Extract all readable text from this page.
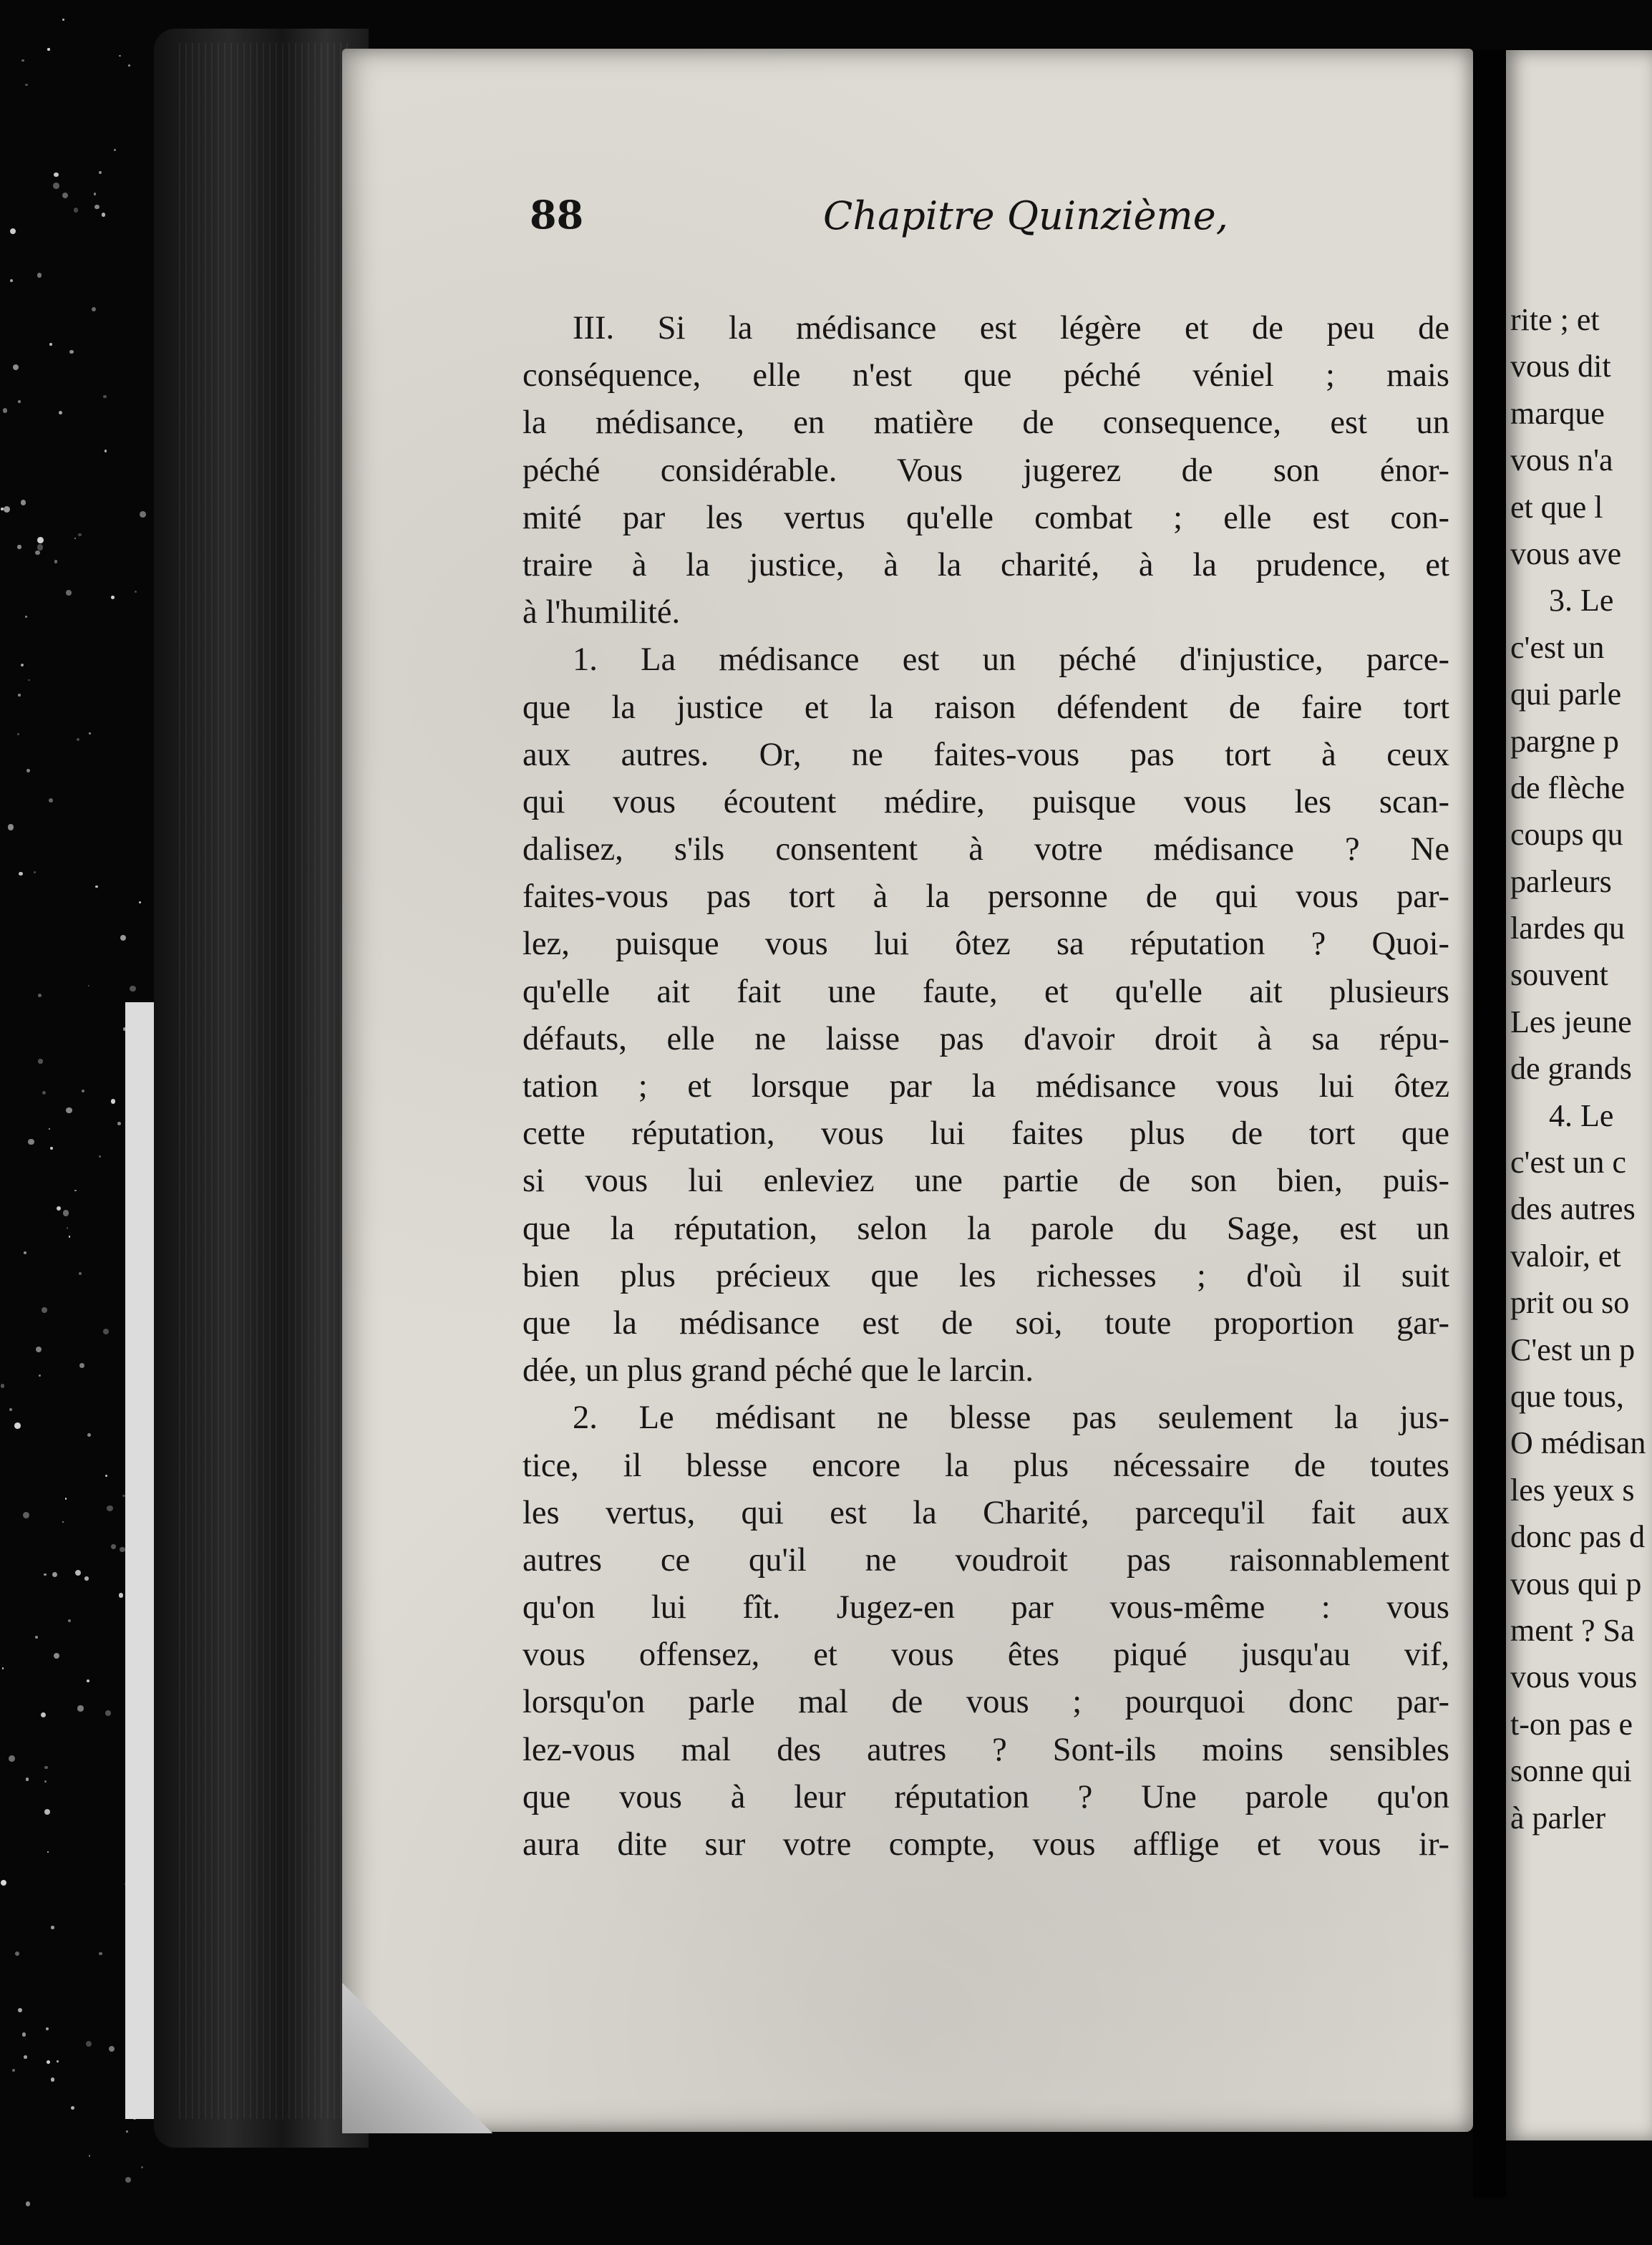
88	Chapitre Quinzième,
III. Si la médisance est légère et de peu de
conséquence, elle n'est que péché véniel ; mais
la médisance, en matière de consequence, est un
péché considérable. Vous jugerez de son énor-
mité par les vertus qu'elle combat ; elle est con-
traire à la justice, à la charité, à la prudence, et
à l'humilité.
1. La médisance est un péché d'injustice, parce-
que la justice et la raison défendent de faire tort
aux autres. Or, ne faites-vous pas tort à ceux
qui vous écoutent médire, puisque vous les scan-
dalisez, s'ils consentent à votre médisance ? Ne
faites-vous pas tort à la personne de qui vous par-
lez, puisque vous lui ôtez sa réputation ? Quoi-
qu'elle ait fait une faute, et qu'elle ait plusieurs
défauts, elle ne laisse pas d'avoir droit à sa répu-
tation ; et lorsque par la médisance vous lui ôtez
cette réputation, vous lui faites plus de tort que
si vous lui enleviez une partie de son bien, puis-
que la réputation, selon la parole du Sage, est un
bien plus précieux que les richesses ; d'où il suit
que la médisance est de soi, toute proportion gar-
dée, un plus grand péché que le larcin.
2. Le médisant ne blesse pas seulement la jus-
tice, il blesse encore la plus nécessaire de toutes
les vertus, qui est la Charité, parcequ'il fait aux
autres ce qu'il ne voudroit pas raisonnablement
qu'on lui fît. Jugez-en par vous-même : vous
vous offensez, et vous êtes piqué jusqu'au vif,
lorsqu'on parle mal de vous ; pourquoi donc par-
lez-vous mal des autres ? Sont-ils moins sensibles
que vous à leur réputation ? Une parole qu'on
aura dite sur votre compte, vous afflige et vous ir-
rite ; et
vous dit
marque
vous n'a
et que l
vous ave
3. Le
c'est un
qui parle
pargne p
de flèche
coups qu
parleurs
lardes qu
souvent
Les jeune
de grands
4. Le
c'est un c
des autres
valoir, et
prit ou so
C'est un p
que tous,
O médisan
les yeux s
donc pas d
vous qui p
ment ? Sa
vous vous
t-on pas e
sonne qui
à parler
